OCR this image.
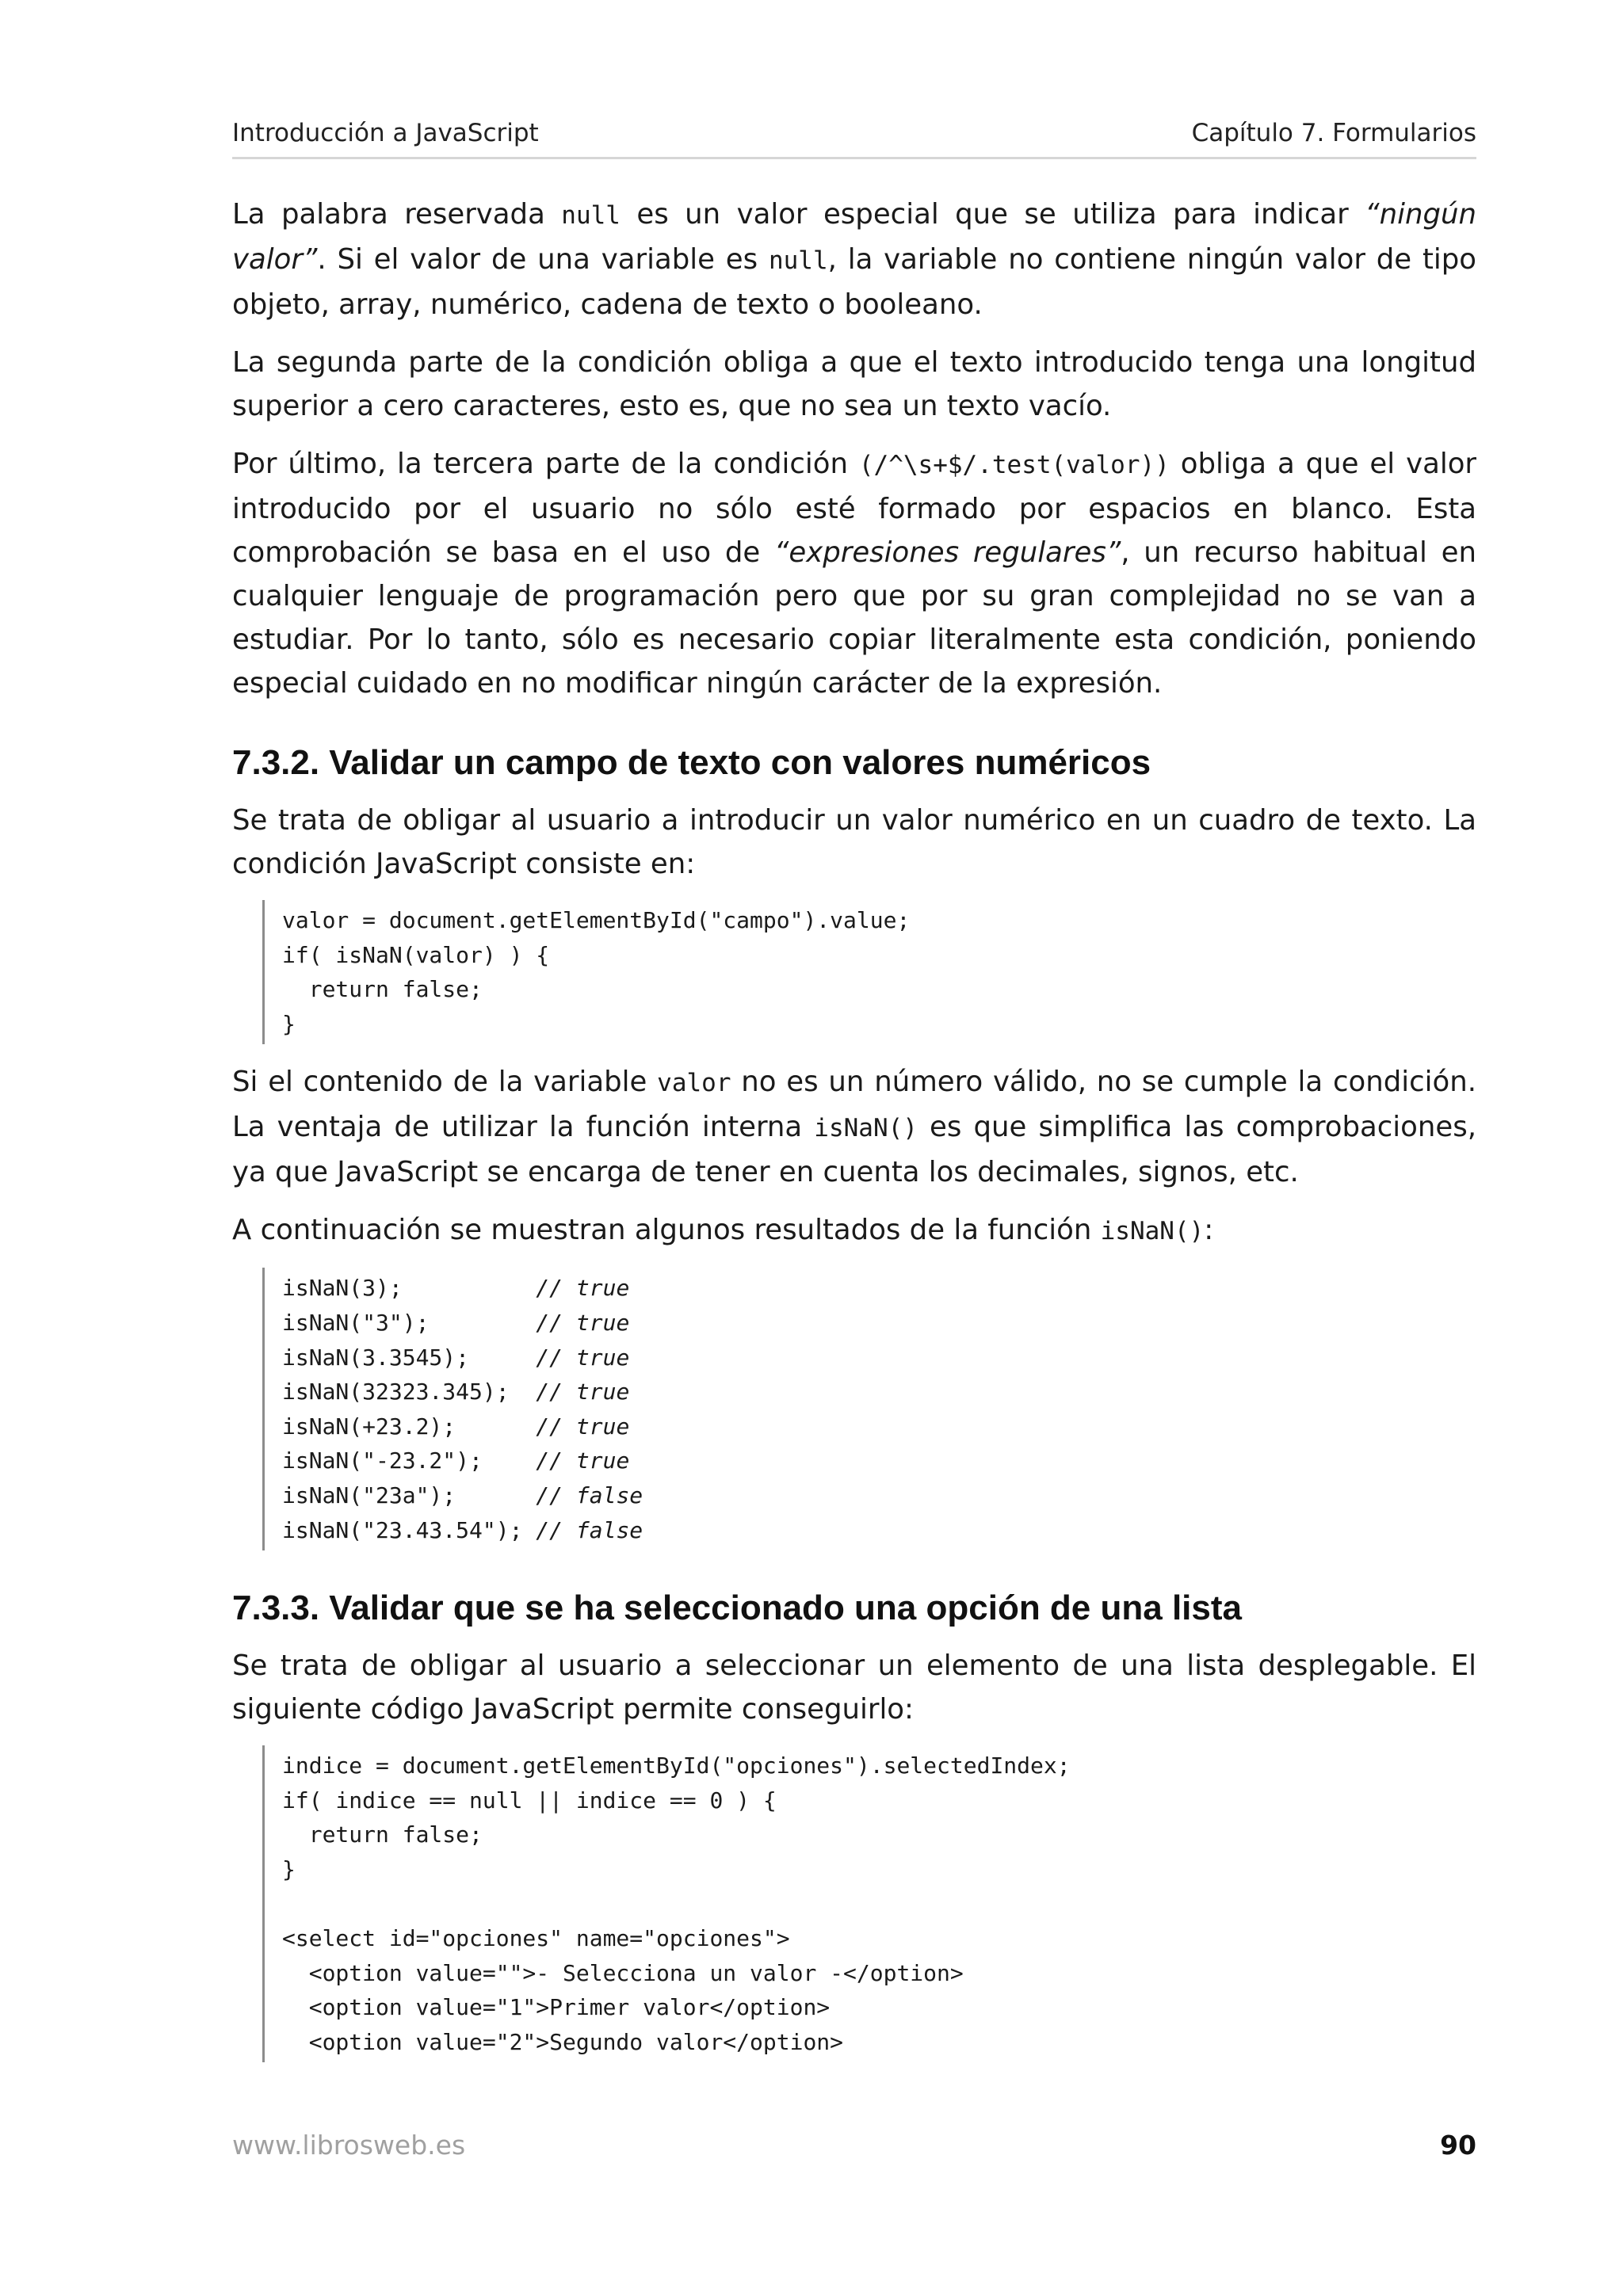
Introducción a JavaScript	Capítulo 7. Formularios

La palabra reservada null es un valor especial que se utiliza para indicar “ningún valor”. Si el valor de una variable es null, la variable no contiene ningún valor de tipo objeto, array, numérico, cadena de texto o booleano.

La segunda parte de la condición obliga a que el texto introducido tenga una longitud superior a cero caracteres, esto es, que no sea un texto vacío.

Por último, la tercera parte de la condición (/^\s+$/.test(valor)) obliga a que el valor introducido por el usuario no sólo esté formado por espacios en blanco. Esta comprobación se basa en el uso de “expresiones regulares”, un recurso habitual en cualquier lenguaje de programación pero que por su gran complejidad no se van a estudiar. Por lo tanto, sólo es necesario copiar literalmente esta condición, poniendo especial cuidado en no modificar ningún carácter de la expresión.

7.3.2. Validar un campo de texto con valores numéricos

Se trata de obligar al usuario a introducir un valor numérico en un cuadro de texto. La condición JavaScript consiste en:

valor = document.getElementById("campo").value;
if( isNaN(valor) ) {
return false;
}

Si el contenido de la variable valor no es un número válido, no se cumple la condición. La ventaja de utilizar la función interna isNaN() es que simplifica las comprobaciones, ya que JavaScript se encarga de tener en cuenta los decimales, signos, etc.

A continuación se muestran algunos resultados de la función isNaN():

isNaN(3);          // true
isNaN("3");        // true
isNaN(3.3545);     // true
isNaN(32323.345);  // true
isNaN(+23.2);      // true
isNaN("-23.2");    // true
isNaN("23a");      // false
isNaN("23.43.54"); // false
7.3.3. Validar que se ha seleccionado una opción de una lista

Se trata de obligar al usuario a seleccionar un elemento de una lista desplegable. El siguiente código JavaScript permite conseguirlo:

indice = document.getElementById("opciones").selectedIndex;
if( indice == null || indice == 0 ) {
return false;
}
<select id="opciones" name="opciones">
<option value="">- Selecciona un valor -</option>
<option value="1">Primer valor</option>
<option value="2">Segundo valor</option>
www.librosweb.es	90
